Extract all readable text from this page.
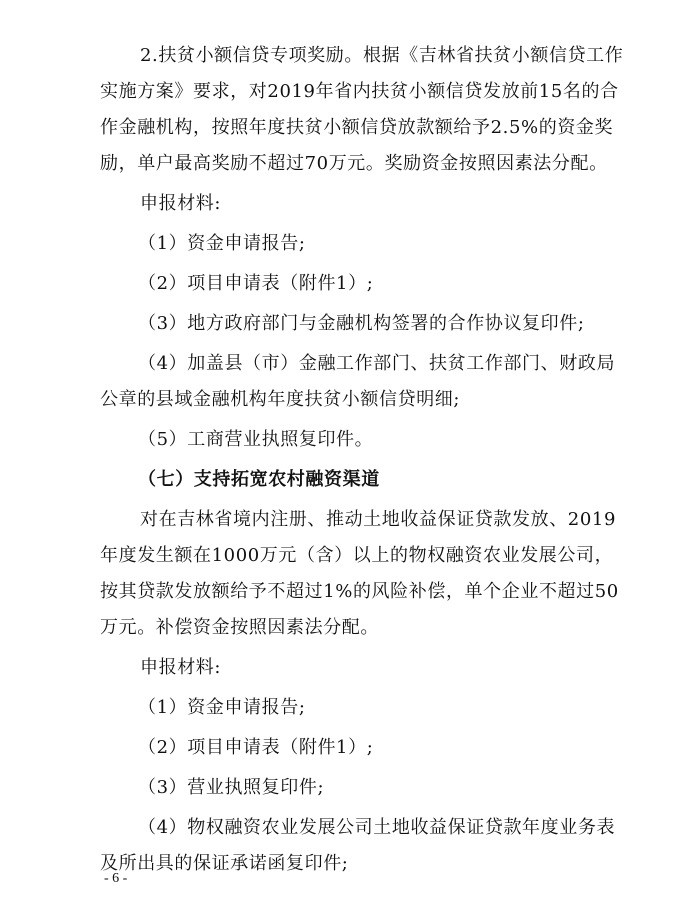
2.扶贫小额信贷专项奖励。根据《吉林省扶贫小额信贷工作
实施方案》要求，对2019年省内扶贫小额信贷发放前15名的合
作金融机构，按照年度扶贫小额信贷放款额给予2.5%的资金奖
励，单户最高奖励不超过70万元。奖励资金按照因素法分配。
申报材料:
（1）资金申请报告;
（2）项目申请表（附件1）;
（3）地方政府部门与金融机构签署的合作协议复印件;
（4）加盖县（市）金融工作部门、扶贫工作部门、财政局
公章的县域金融机构年度扶贫小额信贷明细;
（5）工商营业执照复印件。
（七）支持拓宽农村融资渠道
对在吉林省境内注册、推动土地收益保证贷款发放、2019
年度发生额在1000万元（含）以上的物权融资农业发展公司，
按其贷款发放额给予不超过1%的风险补偿，单个企业不超过50
万元。补偿资金按照因素法分配。
申报材料:
（1）资金申请报告;
（2）项目申请表（附件1）;
（3）营业执照复印件;
（4）物权融资农业发展公司土地收益保证贷款年度业务表
及所出具的保证承诺函复印件;
- 6 -
